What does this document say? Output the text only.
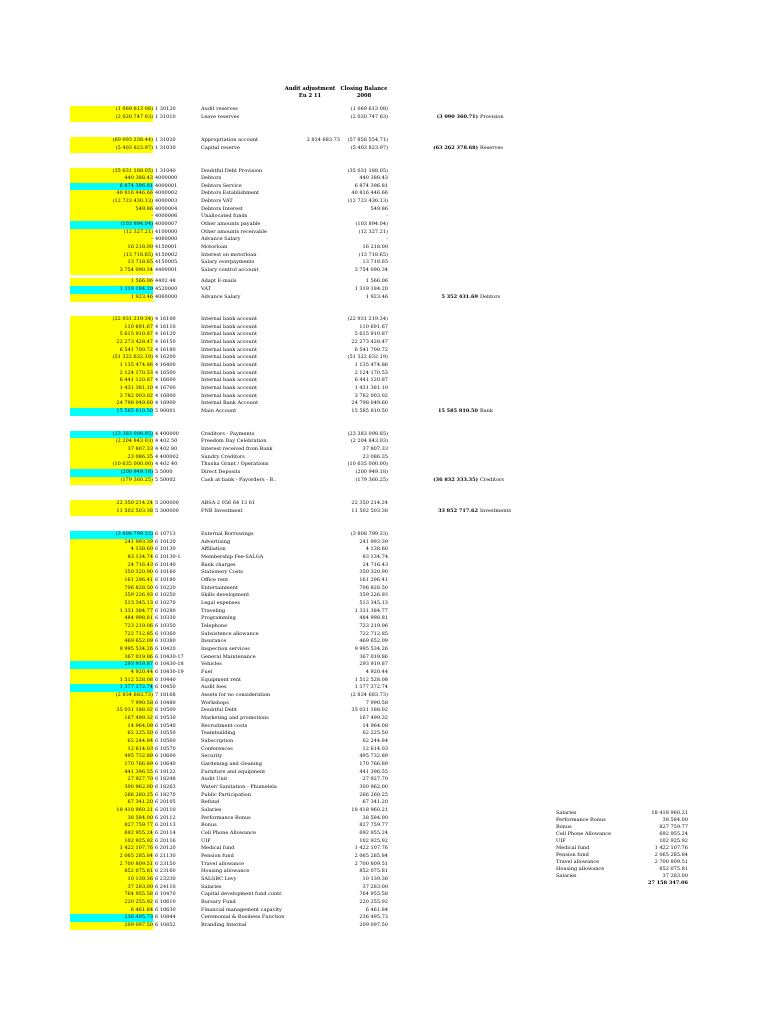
Audit adjustment
Eu 2 11
Closing Balance
2008
(1 069 613 08) 1 30120	Audit reserves	(1 069 613 08)
(2 020 747 63) 1 31010	Leave reserves	(2 020 747 63)	(3 090 360.71) Provision
(60 093 238.44) 1 31020	Appropriation account	2 834 683.73	(57 858 554.71)
(5 403 823.97) 1 31030	Capital reserve	(5 403 823.97)	(63 262 378.68) Reserves
(35 031 188.05) 1 31040	Doubtful Debt Provision	(35 031 188.05)
440 388.43 4000000	Debtors	440 388.43
6 874 396.81 4000001	Debtors Service	6 874 396.81
40 816 446.66 4000002	Debtors Establishment	40 816 446.66
(12 723 430.13) 4000003	Debtors VAT	(12 723 430.13)
549.86 4000004	Debtors Interest	549.86
- 4000006	Unallocated funds	-
(103 894.04) 4000007	Other amounts payable	(103 894.04)
(12 327.21) 4100000	Other amounts receivable	(12 327.21)
- 4060000	Advance Salary	-
16 218.00 4150001	Motorloan	16 218.00
(13 718.65) 4150002	Interest on motorloan	(13 718.65)
13 718.65 4150005	Salary overpayments	13 718.65
3 754 090.34 4400001	Salary control account	3 754 090.34
1 566.06 4402 48	Adapt E-mails	1 566.06
1 319 184.20 4520000	VAT	1 319 184.20
1 923.46 4060000	Advance Salary	1 923.46	5 352 431.69 Debtors
(22 931 219.34) 4 16100	Internal bank account	(22 931 219.34)
110 691.67 4 16110	Internal bank account	110 691.67
5 615 910.87 4 16120	Internal bank account	5 615 910.87
22 273 428.47 4 16150	Internal bank account	22 273 428.47
6 541 700.72 4 16180	Internal bank account	6 541 700.72
(51 322 632.19) 4 16200	Internal bank account	(51 322 632.19)
1 135 474.86 4 16400	Internal bank account	1 135 474.86
2 124 170.53 4 16500	Internal bank account	2 124 170.53
6 441 120.87 4 16600	Internal bank account	6 441 120.87
1 431 381.10 4 16700	Internal bank account	1 431 381.10
3 782 003.02 4 16800	Internal bank account	3 782 003.02
24 798 049.60 4 16900	Internal Bank Account	24 798 049.60
15 585 810.50 5 90001	Main Account	15 585 810.50	15 585 810.50 Bank
(23 383 098.85) 4 400000	Creditors - Payments	(23 383 098.85)
(2 204 843.03) 4 402 50	Freedom Day Celebration	(2 204 843.03)
37 807.33 4 402 80	Interest received from Bank	37 807.33
23 086.35 4 400002	Sundry Creditors	23 086.35
(10 635 000.00) 4 402 40	Thusha Grant / Operations	(10 635 000.00)
(200 949.18) 5 5000	Direct Deposits	(200 949.18)
(179 360.25) 5 50002	Cash at bank - Payorders - B..	(179 360.25)	(36 832 333.35) Creditors
22 350 214.24 5 200000	ABSA 2 056 64 13 61	22 350 214.24
11 502 503.38 5 300000	FNB Investment	11 502 503.38	33 852 717.62 Investments
(3 808 799.33) 6 10713	External Borrowings	(3 808 799.33)
241 993.39 6 10120	Advertising	241 993.39
4 138.60 6 10130	Affiliation	4 138.60
83 134.74 6 10130-1	Membership Fee-SALGA	83 134.74
24 716.43 6 10140	Bank charges	24 716.43
350 320.90 6 10160	Stationery Costs	350 320.90
161 296.41 6 10180	Office rent	161 296.41
706 828.50 6 10220	Entertainment	706 828.50
359 226.93 6 10250	Skills development	359 226.93
513 345.13 6 10270	Legal expenses	513 345.13
1 331 384.77 6 10280	Traveling	1 331 384.77
484 998.81 6 10330	Programming	484 998.81
723 219.06 6 10350	Telephone	723 219.06
722 712.85 6 10360	Subsistence allowance	722 712.85
469 652.09 6 10380	Insurance	469 652.09
9 995 534.26 6 10420	Inspection services	9 995 534.26
367 019.86 6 10430-17	General Maintenance	367 019.86
293 919.87 6 10430-18	Vehicles	293 919.87
4 920.44 6 10430-19	Fuel	4 920.44
1 512 528.08 6 10440	Equipment rent	1 512 528.08
1 377 372.74 6 10450	Audit fees	1 377 372.74
(2 834 683.73) 7 18168	Assets for no consideration	(2 834 683.73)
7 990.58 6 10480	Workshops	7 990.58
35 031 188.02 6 10500	Doubtful Debt	35 031 188.02
167 499.32 6 10530	Marketing and promotions	167 499.32
14 964.08 6 10540	Recruitment costs	14 964.08
62 225.50 6 10550	Teambuilding	62 225.50
62 244.84 6 10560	Subscription	62 244.84
12 614.03 6 10570	Conferences	12 614.03
495 732.89 6 10600	Security	495 732.89
170 766.89 6 10640	Gardening and cleaning	170 766.89
441 396.55 6 18122	Furniture and equipment	441 396.55
27 927.70 6 18248	Audit Unit	27 927.70
300 962.00 6 18263	Water/ Sanitation - Phumelela	300 962.00
266 260.25 6 18270	Public Participation	266 260.25
67 341.20 6 20105	Refund	67 341.20
18 418 960.21 6 20110	Salaries	18 418 960.21
38 584.00 6 20112	Performance Bonus	38 584.00
827 759.77 6 20113	Bonus	827 759.77
692 955.24 6 20114	Cell Phone Allowance	692 955.24
102 925.92 6 20116	UIF	102 925.92
1 422 107.76 6 20120	Medical fund	1 422 107.76
2 065 285.84 6 21130	Pension fund	2 065 285.84
2 700 809.51 6 23150	Travel allowance	2 700 809.51
852 075.81 6 23160	Housing allowance	852 075.81
10 139.36 6 23230	SALGBC Levy	10 139.36
37 283.00 6 24110	Salaries	37 283.00
764 955.58 6 10470	Capital development fund contr.	764 955.58
220 255.92 6 10610	Bursary Fund	220 255.92
6 461.84 6 10630	Financial management capacity	6 461.84
236 495.73 6 10844	Ceremonial & Business Function	236 495.73
209 097.50 6 10852	Branding Internal	209 097.50
Salaries	18 418 960.21
Performance Bonus	38 584.00
Bonus	827 759.77
Cell Phone Allowance	692 955.24
UIF	102 925.92
Medical fund	1 422 107.76
Pension fund	2 065 285.84
Travel allowance	2 700 809.51
Housing allowance	852 075.81
Salaries	37 283.00
27 158 347.06
